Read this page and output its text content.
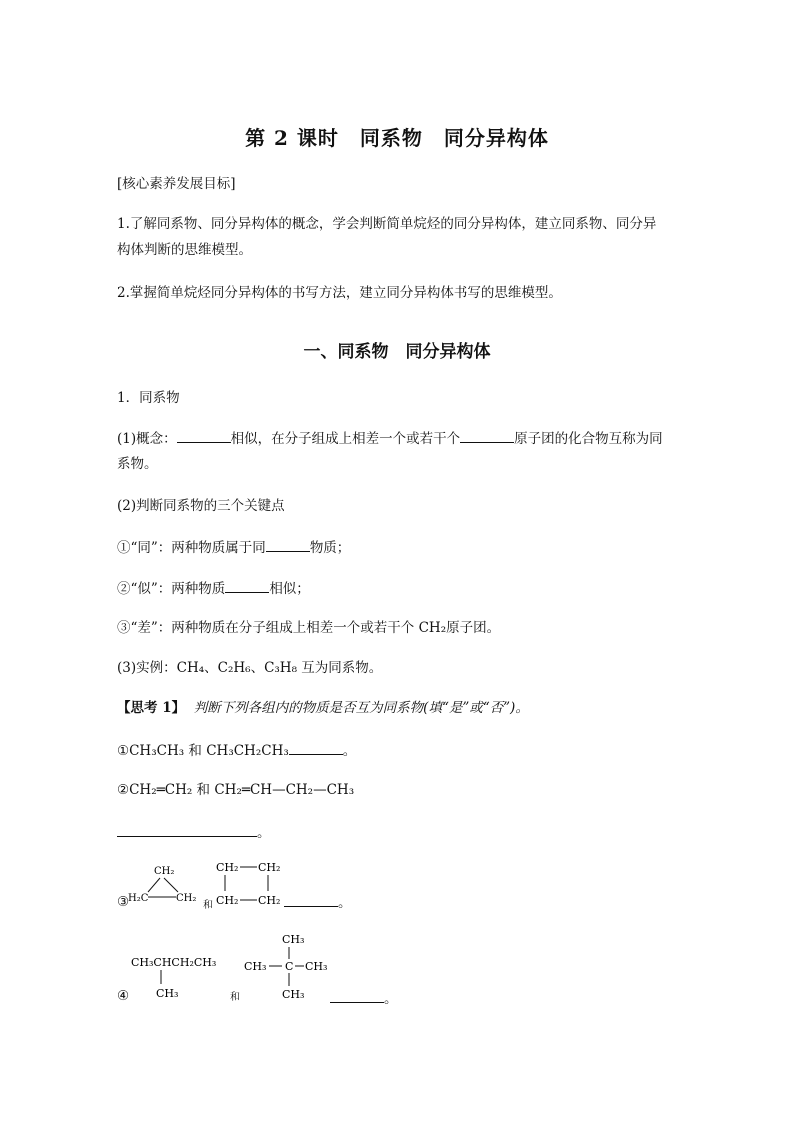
第 2 课时　同系物　同分异构体
[核心素养发展目标]
1.了解同系物、同分异构体的概念，学会判断简单烷烃的同分异构体，建立同系物、同分异
构体判断的思维模型。
2.掌握简单烷烃同分异构体的书写方法，建立同分异构体书写的思维模型。
一、同系物　同分异构体
1．同系物
(1)概念：	相似，在分子组成上相差一个或若干个	原子团的化合物互称为同
系物。
(2)判断同系物的三个关键点
①“同”：两种物质属于同	物质；
②“似”：两种物质	相似；
③“差”：两种物质在分子组成上相差一个或若干个 CH₂原子团。
(3)实例：CH₄、C₂H₆、C₃H₈ 互为同系物。
【思考 1】 判断下列各组内的物质是否互为同系物(填“是”或“否”)。
①CH₃CH₃ 和 CH₃CH₂CH₃	。
②CH₂═CH₂ 和 CH₂═CH—CH₂—CH₃
。
③
CH₂
H₂C	CH₂
和
CH₂ CH₂
CH₂ CH₂	。
④
CH₃CHCH₂CH₃
CH₃	和
CH₃
CH₃ C CH₃
CH₃	。
